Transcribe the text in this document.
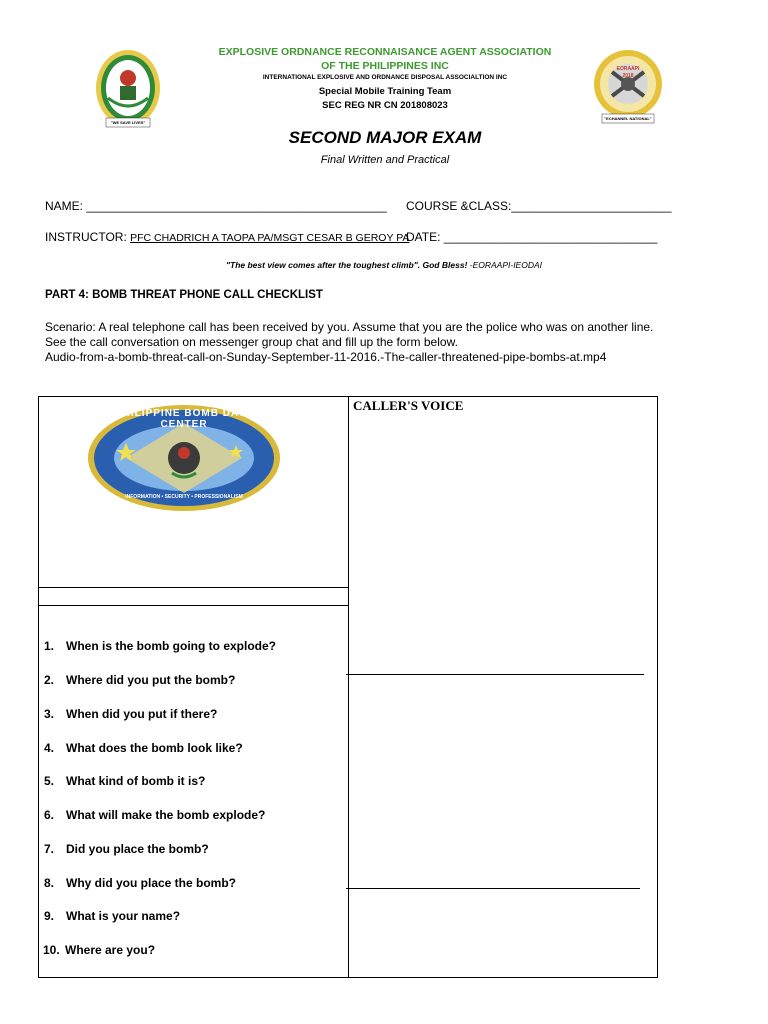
"WE SAVE LIVES"
EORAAPI
2018
"ECHANNEL NATIONAL"
EXPLOSIVE ORDNANCE RECONNAISANCE AGENT ASSOCIATION
OF THE PHILIPPINES INC
INTERNATIONAL EXPLOSIVE AND ORDNANCE DISPOSAL ASSOCIALTION INC
Special Mobile Training Team
SEC REG NR CN 201808023
SECOND MAJOR EXAM
Final Written and Practical
NAME: _____________________________________________ COURSE &CLASS:________________________
INSTRUCTOR: PFC CHADRICH A TAOPA PA/MSGT CESAR B GEROY PA
DATE: ________________________________
"The best view comes after the toughest climb". God Bless! -EORAAPI-IEODAI
PART 4: BOMB THREAT PHONE CALL CHECKLIST
Scenario: A real telephone call has been received by you. Assume that you are the police who was on another line.
See the call conversation on messenger group chat and fill up the form below.
Audio-from-a-bomb-threat-call-on-Sunday-September-11-2016.-The-caller-threatened-pipe-bombs-at.mp4
PHILIPPINE BOMB DATA CENTER
INFORMATION • SECURITY • PROFESSIONALISM
CALLER'S VOICE
1. When is the bomb going to explode?
2. Where did you put the bomb?
3. When did you put if there?
4. What does the bomb look like?
5. What kind of bomb it is?
6. What will make the bomb explode?
7. Did you place the bomb?
8. Why did you place the bomb?
9. What is your name?
10. Where are you?
